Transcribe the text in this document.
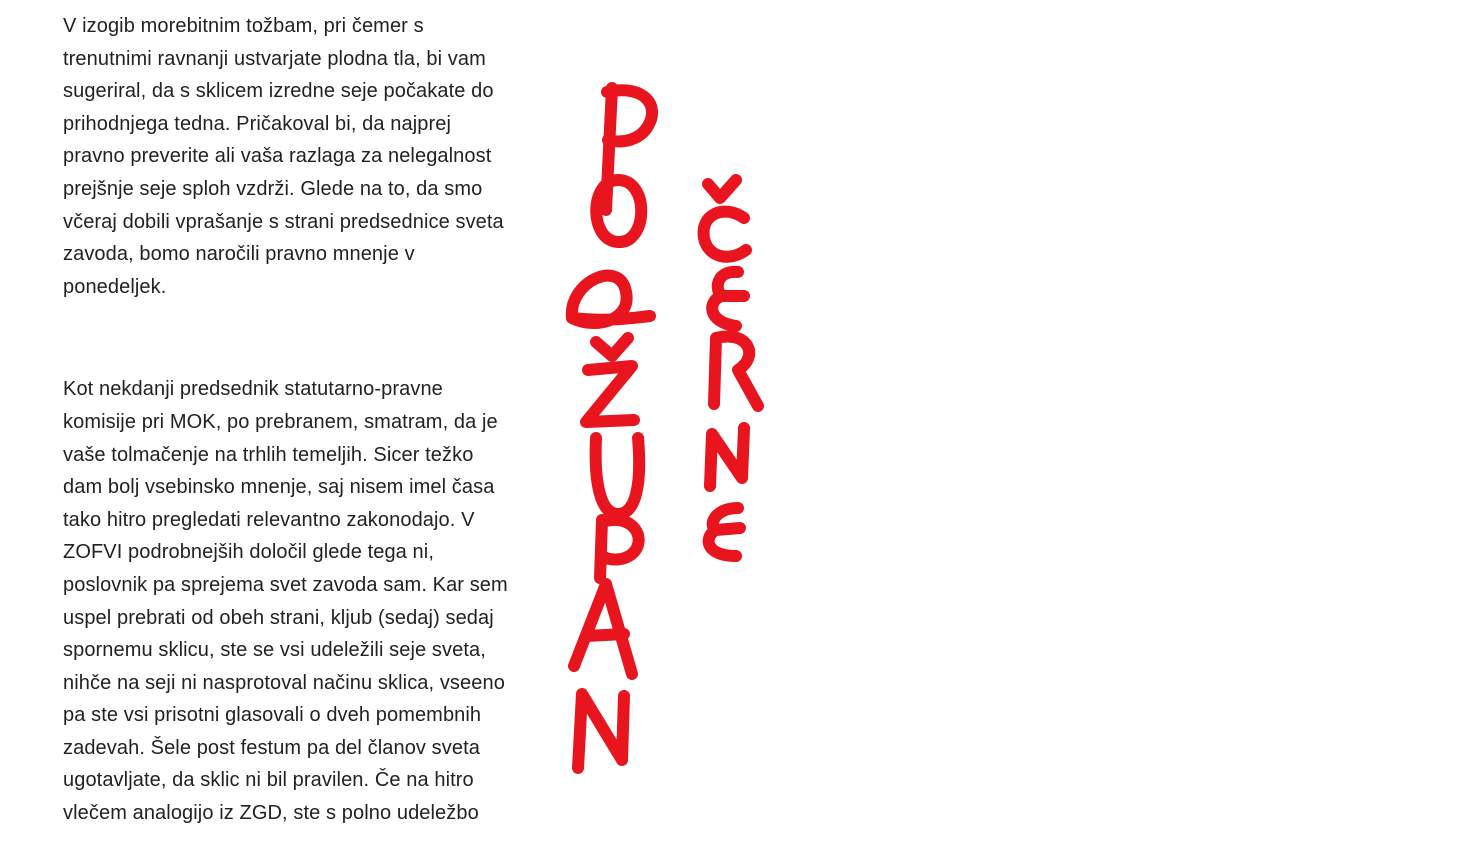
V izogib morebitnim tožbam, pri čemer s
trenutnimi ravnanji ustvarjate plodna tla, bi vam
sugeriral, da s sklicem izredne seje počakate do
prihodnjega tedna. Pričakoval bi, da najprej
pravno preverite ali vaša razlaga za nelegalnost
prejšnje seje sploh vzdrži. Glede na to, da smo
včeraj dobili vprašanje s strani predsednice sveta
zavoda, bomo naročili pravno mnenje v
ponedeljek.

Kot nekdanji predsednik statutarno-pravne
komisije pri MOK, po prebranem, smatram, da je
vaše tolmačenje na trhlih temeljih. Sicer težko
dam bolj vsebinsko mnenje, saj nisem imel časa
tako hitro pregledati relevantno zakonodajo. V
ZOFVI podrobnejših določil glede tega ni,
poslovnik pa sprejema svet zavoda sam. Kar sem
uspel prebrati od obeh strani, kljub (sedaj) sedaj
spornemu sklicu, ste se vsi udeležili seje sveta,
nihče na seji ni nasprotoval načinu sklica, vseeno
pa ste vsi prisotni glasovali o dveh pomembnih
zadevah. Šele post festum pa del članov sveta
ugotavljate, da sklic ni bil pravilen. Če na hitro
vlečem analogijo iz ZGD, ste s polno udeležbo
